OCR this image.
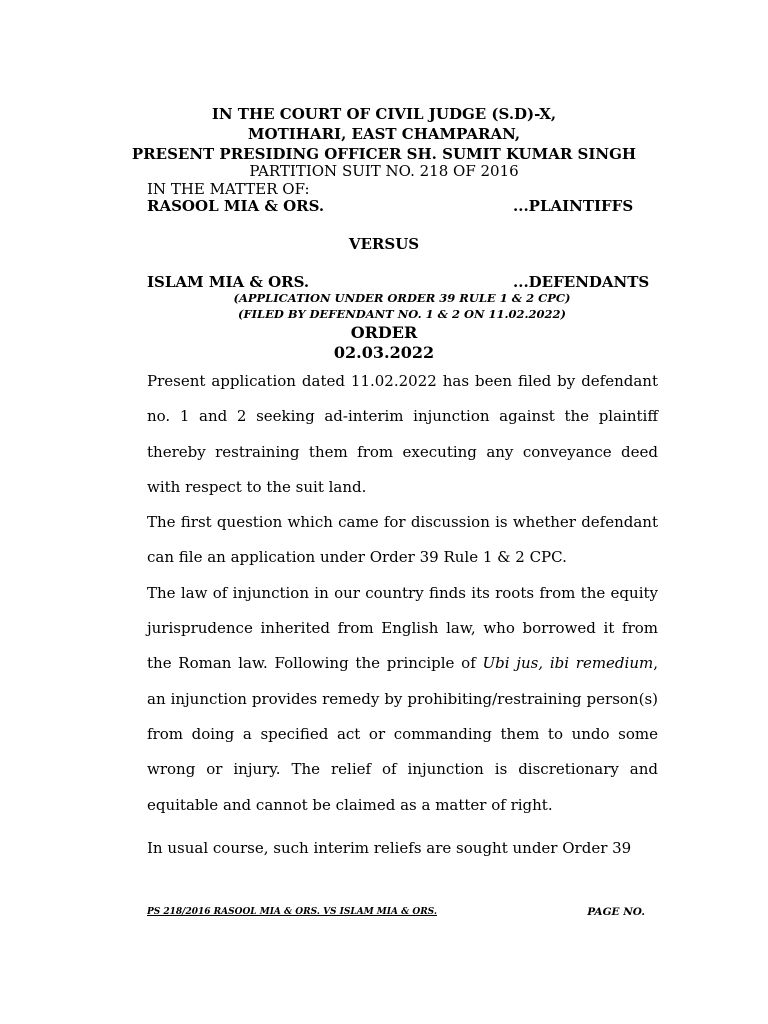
IN THE COURT OF CIVIL JUDGE (S.D)-X,
MOTIHARI, EAST CHAMPARAN,
PRESENT PRESIDING OFFICER SH. SUMIT KUMAR SINGH
PARTITION SUIT NO. 218 OF 2016
IN THE MATTER OF:
RASOOL MIA & ORS.	...PLAINTIFFS
VERSUS
ISLAM MIA & ORS.	...DEFENDANTS
(APPLICATION UNDER ORDER 39 RULE 1 & 2 CPC)
(FILED BY DEFENDANT NO. 1 & 2 ON 11.02.2022)
ORDER
02.03.2022

Present application dated 11.02.2022 has been filed by defendant no. 1 and 2 seeking ad-interim injunction against the plaintiff thereby restraining them from executing any conveyance deed with respect to the suit land.

The first question which came for discussion is whether defendant can file an application under Order 39 Rule 1 & 2 CPC.

The law of injunction in our country finds its roots from the equity jurisprudence inherited from English law, who borrowed it from the Roman law. Following the principle of Ubi jus, ibi remedium, an injunction provides remedy by prohibiting/restraining person(s) from doing a specified act or commanding them to undo some wrong or injury. The relief of injunction is discretionary and equitable and cannot be claimed as a matter of right.

In usual course, such interim reliefs are sought under Order 39

PS 218/2016 RASOOL MIA & ORS. VS ISLAM MIA & ORS.	PAGE NO.
